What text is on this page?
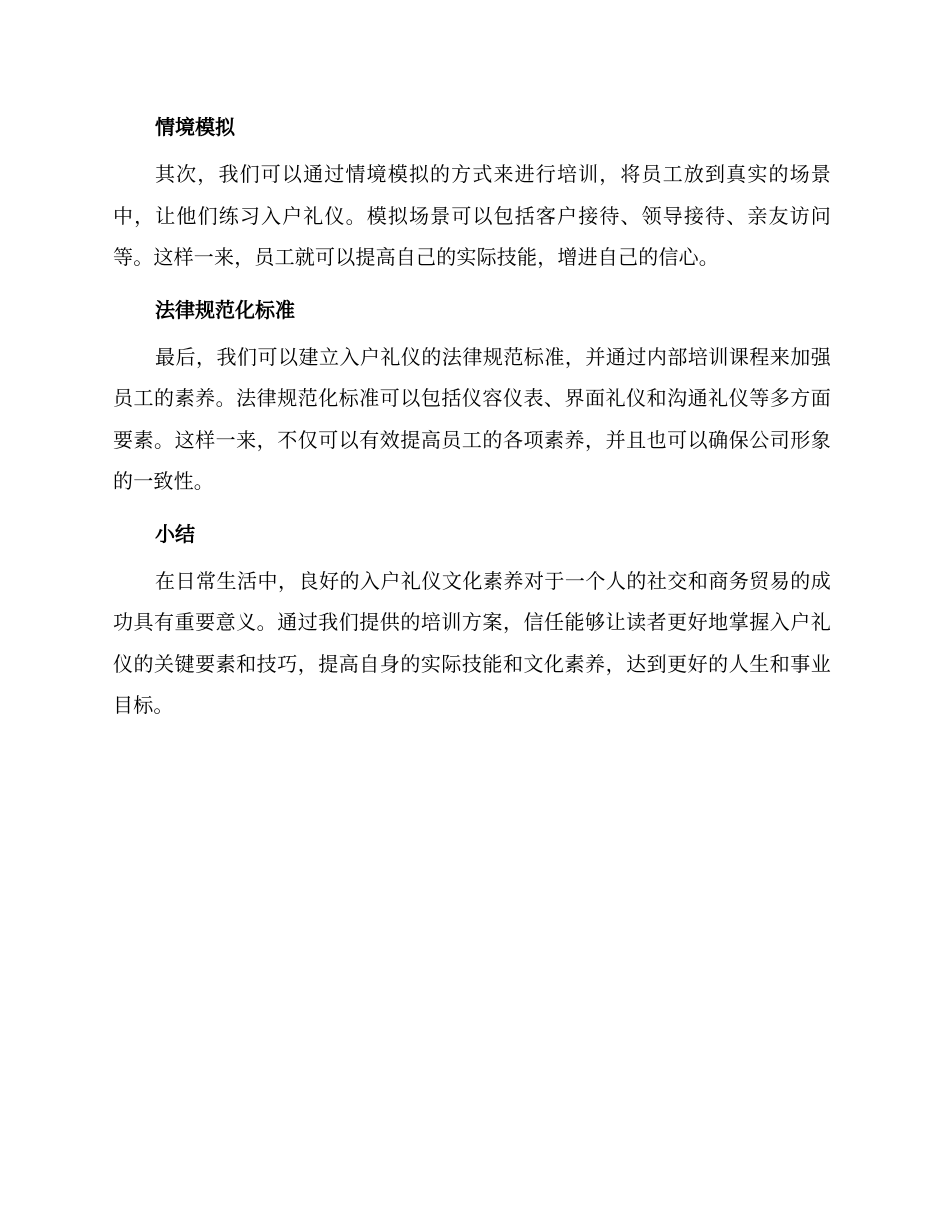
情境模拟

其次，我们可以通过情境模拟的方式来进行培训，将员工放到真实的场景中，让他们练习入户礼仪。模拟场景可以包括客户接待、领导接待、亲友访问等。这样一来，员工就可以提高自己的实际技能，增进自己的信心。

法律规范化标准

最后，我们可以建立入户礼仪的法律规范标准，并通过内部培训课程来加强员工的素养。法律规范化标准可以包括仪容仪表、界面礼仪和沟通礼仪等多方面要素。这样一来，不仅可以有效提高员工的各项素养，并且也可以确保公司形象的一致性。

小结

在日常生活中，良好的入户礼仪文化素养对于一个人的社交和商务贸易的成功具有重要意义。通过我们提供的培训方案，信任能够让读者更好地掌握入户礼仪的关键要素和技巧，提高自身的实际技能和文化素养，达到更好的人生和事业目标。
